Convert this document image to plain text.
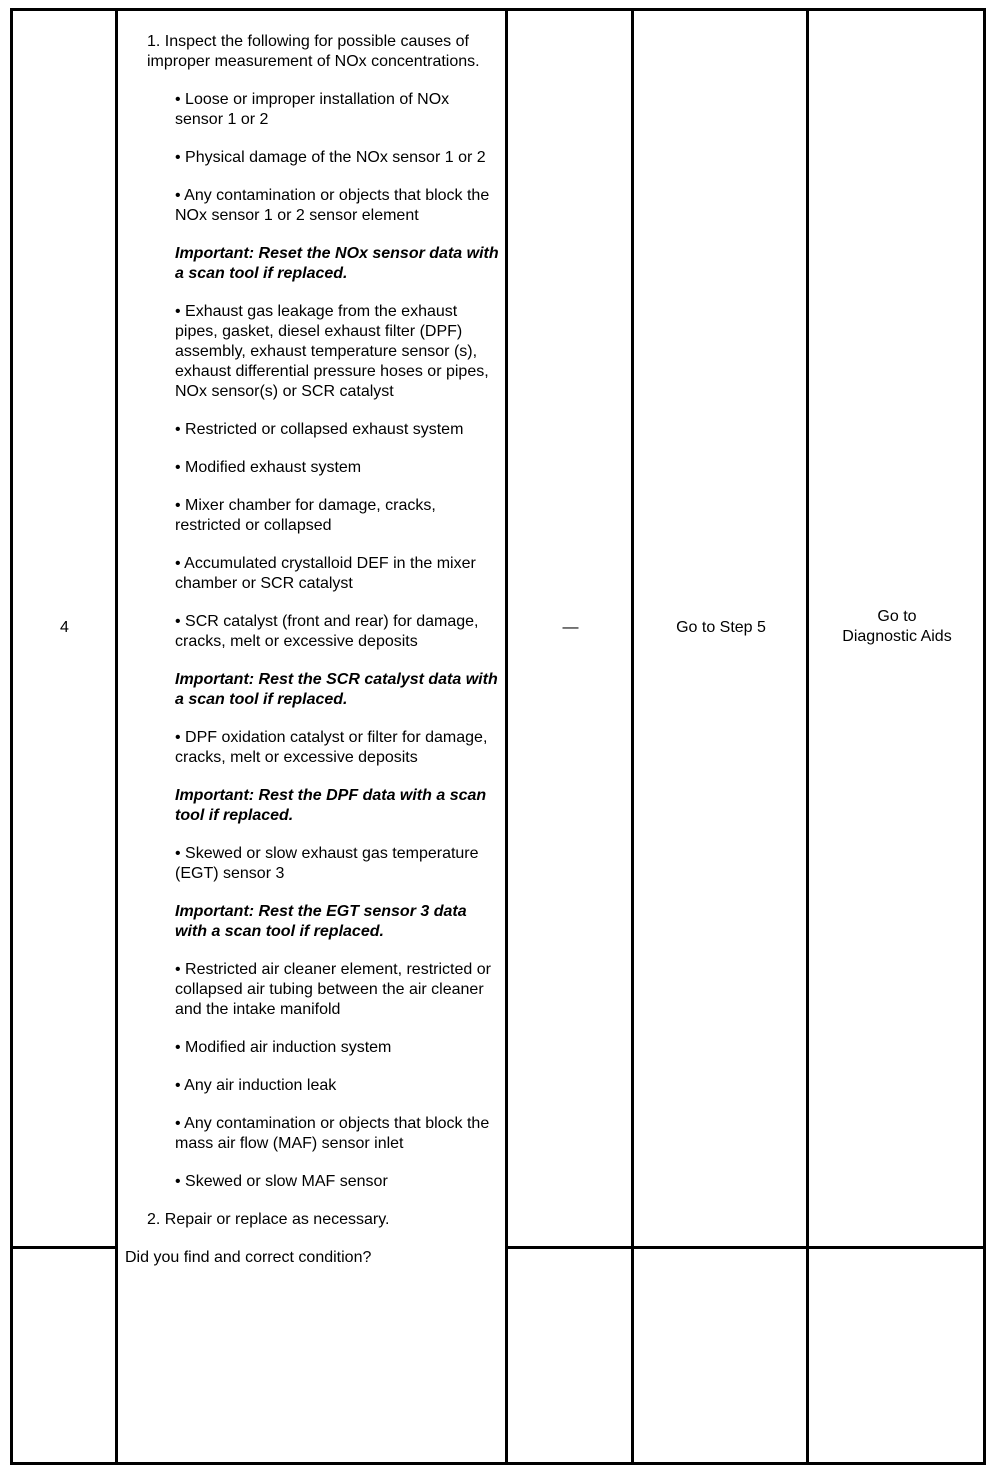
4

1. Inspect the following for possible causes of improper measurement of NOx concentrations.

• Loose or improper installation of NOx sensor 1 or 2

• Physical damage of the NOx sensor 1 or 2

• Any contamination or objects that block the NOx sensor 1 or 2 sensor element

Important: Reset the NOx sensor data with a scan tool if replaced.

• Exhaust gas leakage from the exhaust pipes, gasket, diesel exhaust filter (DPF) assembly, exhaust temperature sensor (s), exhaust differential pressure hoses or pipes, NOx sensor(s) or SCR catalyst

• Restricted or collapsed exhaust system

• Modified exhaust system

• Mixer chamber for damage, cracks, restricted or collapsed

• Accumulated crystalloid DEF in the mixer chamber or SCR catalyst

• SCR catalyst (front and rear) for damage, cracks, melt or excessive deposits

Important: Rest the SCR catalyst data with a scan tool if replaced.

• DPF oxidation catalyst or filter for damage, cracks, melt or excessive deposits

Important: Rest the DPF data with a scan tool if replaced.

• Skewed or slow exhaust gas temperature (EGT) sensor 3

Important: Rest the EGT sensor 3 data with a scan tool if replaced.

• Restricted air cleaner element, restricted or collapsed air tubing between the air cleaner and the intake manifold

• Modified air induction system

• Any air induction leak

• Any contamination or objects that block the mass air flow (MAF) sensor inlet

• Skewed or slow MAF sensor

2. Repair or replace as necessary.

Did you find and correct condition?

—	Go to Step 5
Go to
Diagnostic Aids
